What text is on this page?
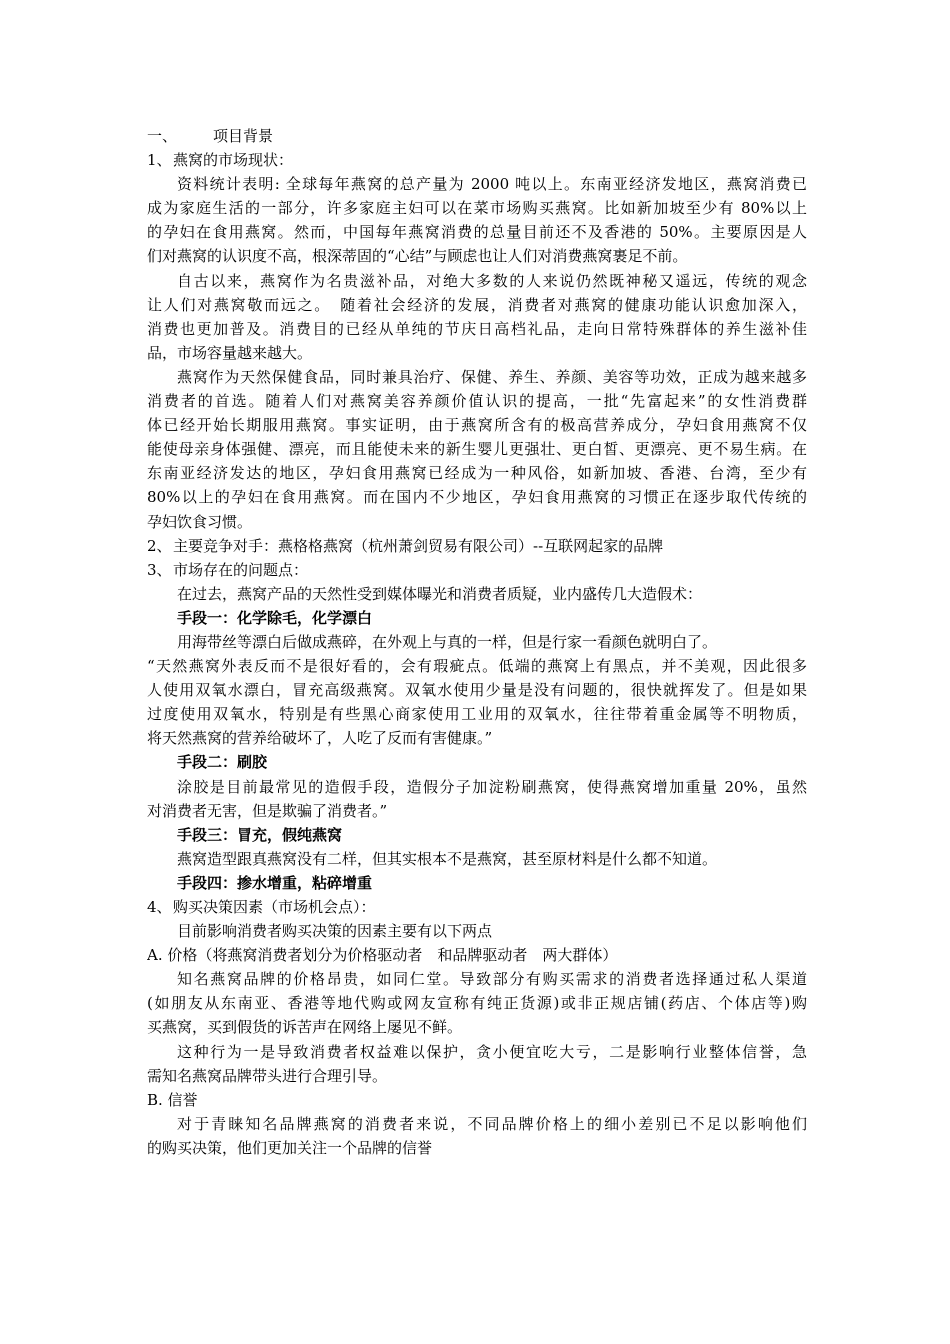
一、 项目背景
1、燕窝的市场现状：
资料统计表明: 全球每年燕窝的总产量为 2000 吨以上。东南亚经济发地区，燕窝消费已
成为家庭生活的一部分，许多家庭主妇可以在菜市场购买燕窝。比如新加坡至少有 80%以上
的孕妇在食用燕窝。然而，中国每年燕窝消费的总量目前还不及香港的 50%。主要原因是人
们对燕窝的认识度不高，根深蒂固的“心结”与顾虑也让人们对消费燕窝裹足不前。
自古以来，燕窝作为名贵滋补品，对绝大多数的人来说仍然既神秘又遥远，传统的观念
让人们对燕窝敬而远之。　随着社会经济的发展，消费者对燕窝的健康功能认识愈加深入，
消费也更加普及。消费目的已经从单纯的节庆日高档礼品，走向日常特殊群体的养生滋补佳
品，市场容量越来越大。
燕窝作为天然保健食品，同时兼具治疗、保健、养生、养颜、美容等功效，正成为越来越多
消费者的首选。随着人们对燕窝美容养颜价值认识的提高，一批“先富起来”的女性消费群
体已经开始长期服用燕窝。事实证明，由于燕窝所含有的极高营养成分，孕妇食用燕窝不仅
能使母亲身体强健、漂亮，而且能使未来的新生婴儿更强壮、更白皙、更漂亮、更不易生病。在
东南亚经济发达的地区，孕妇食用燕窝已经成为一种风俗，如新加坡、香港、台湾，至少有
80%以上的孕妇在食用燕窝。而在国内不少地区，孕妇食用燕窝的习惯正在逐步取代传统的
孕妇饮食习惯。
2、主要竞争对手：燕格格燕窝（杭州萧剑贸易有限公司）--互联网起家的品牌
3、市场存在的问题点：
在过去，燕窝产品的天然性受到媒体曝光和消费者质疑，业内盛传几大造假术：
手段一：化学除毛，化学漂白
用海带丝等漂白后做成燕碎，在外观上与真的一样，但是行家一看颜色就明白了。
“天然燕窝外表反而不是很好看的，会有瑕疵点。低端的燕窝上有黑点，并不美观，因此很多
人使用双氧水漂白，冒充高级燕窝。双氧水使用少量是没有问题的，很快就挥发了。但是如果
过度使用双氧水，特别是有些黑心商家使用工业用的双氧水，往往带着重金属等不明物质，
将天然燕窝的营养给破坏了，人吃了反而有害健康。”
手段二：刷胶
涂胶是目前最常见的造假手段，造假分子加淀粉刷燕窝，使得燕窝增加重量 20%，虽然
对消费者无害，但是欺骗了消费者。”
手段三：冒充，假纯燕窝
燕窝造型跟真燕窝没有二样，但其实根本不是燕窝，甚至原材料是什么都不知道。
手段四：掺水增重，粘碎增重
4、购买决策因素（市场机会点）：
目前影响消费者购买决策的因素主要有以下两点
A. 价格（将燕窝消费者划分为价格驱动者　和品牌驱动者　两大群体）
知名燕窝品牌的价格昂贵，如同仁堂。导致部分有购买需求的消费者选择通过私人渠道
(如朋友从东南亚、香港等地代购或网友宣称有纯正货源)或非正规店铺(药店、个体店等)购
买燕窝，买到假货的诉苦声在网络上屡见不鲜。
这种行为一是导致消费者权益难以保护，贪小便宜吃大亏，二是影响行业整体信誉，急
需知名燕窝品牌带头进行合理引导。
B. 信誉
对于青睐知名品牌燕窝的消费者来说，不同品牌价格上的细小差别已不足以影响他们
的购买决策，他们更加关注一个品牌的信誉
